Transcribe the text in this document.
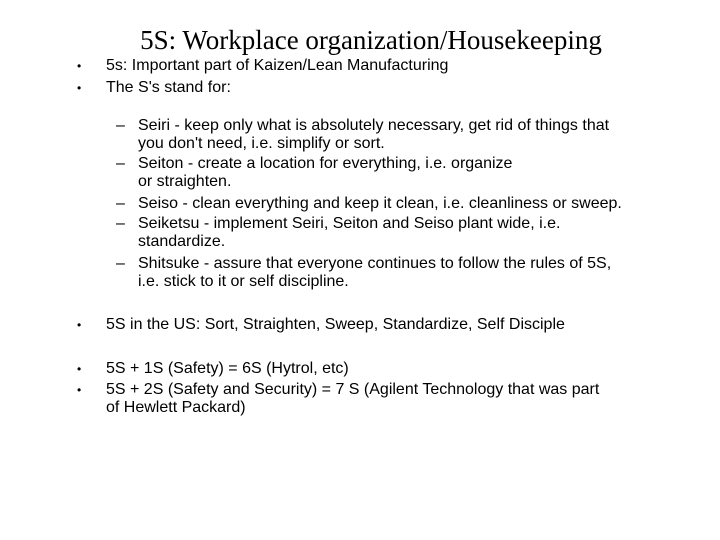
5S: Workplace organization/Housekeeping
• 5s: Important part of Kaizen/Lean Manufacturing
• The S's stand for:
– Seiri - keep only what is absolutely necessary, get rid of things that
you don't need, i.e. simplify or sort.
– Seiton - create a location for everything, i.e. organize
or straighten.
– Seiso - clean everything and keep it clean, i.e. cleanliness or sweep.
– Seiketsu - implement Seiri, Seiton and Seiso plant wide, i.e.
standardize.
– Shitsuke - assure that everyone continues to follow the rules of 5S,
i.e. stick to it or self discipline.
• 5S in the US: Sort, Straighten, Sweep, Standardize, Self Disciple
• 5S + 1S (Safety) = 6S (Hytrol, etc)
• 5S + 2S (Safety and Security) = 7 S (Agilent Technology that was part
of Hewlett Packard)
